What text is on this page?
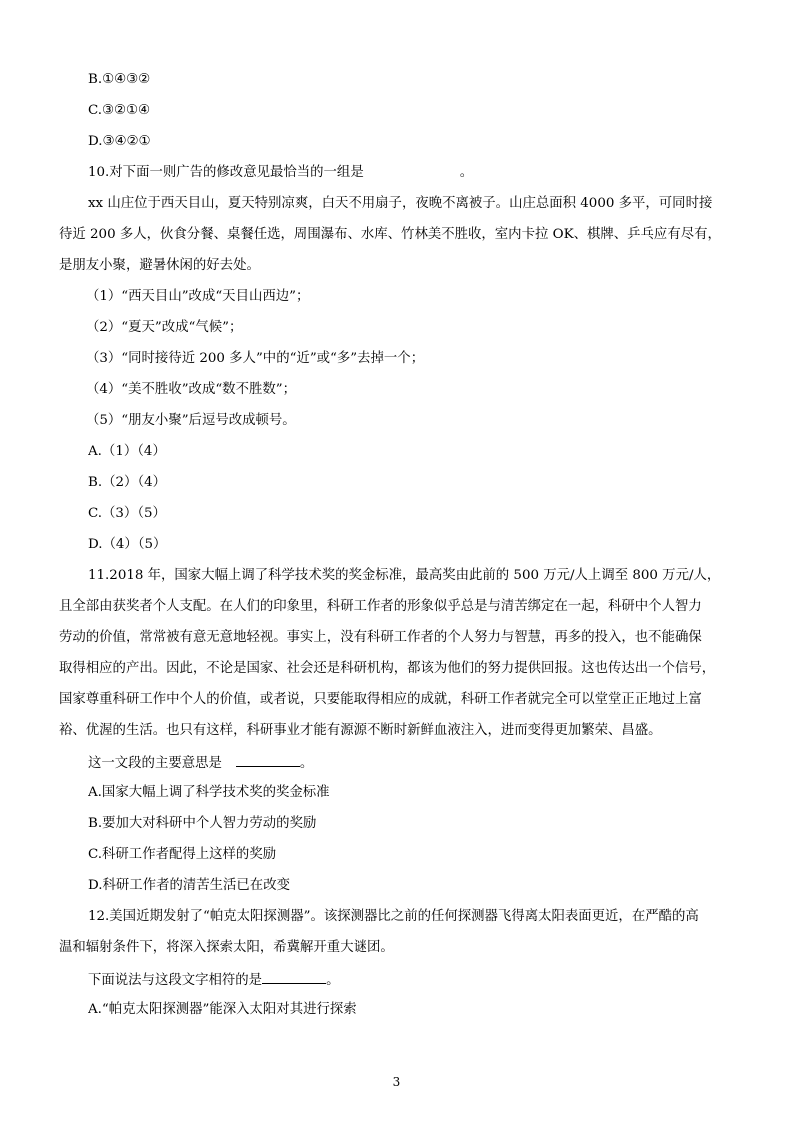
B.①④③②
C.③②①④
D.③④②①
10.对下面一则广告的修改意见最恰当的一组是	。
xx 山庄位于西天目山，夏天特别凉爽，白天不用扇子，夜晚不离被子。山庄总面积 4000 多平，可同时接
待近 200 多人，伙食分餐、桌餐任选，周围瀑布、水库、竹林美不胜收，室内卡拉 OK、棋牌、乒乓应有尽有，
是朋友小聚，避暑休闲的好去处。
（1）“西天目山”改成“天目山西边”；
（2）“夏天”改成“气候”；
（3）“同时接待近 200 多人”中的“近”或“多”去掉一个；
（4）“美不胜收”改成“数不胜数”；
（5）“朋友小聚”后逗号改成顿号。
A.（1）（4）
B.（2）（4）
C.（3）（5）
D.（4）（5）
11.2018 年，国家大幅上调了科学技术奖的奖金标准，最高奖由此前的 500 万元/人上调至 800 万元/人，
且全部由获奖者个人支配。在人们的印象里，科研工作者的形象似乎总是与清苦绑定在一起，科研中个人智力
劳动的价值，常常被有意无意地轻视。事实上，没有科研工作者的个人努力与智慧，再多的投入，也不能确保
取得相应的产出。因此，不论是国家、社会还是科研机构，都该为他们的努力提供回报。这也传达出一个信号，
国家尊重科研工作中个人的价值，或者说，只要能取得相应的成就，科研工作者就完全可以堂堂正正地过上富
裕、优渥的生活。也只有这样，科研事业才能有源源不断时新鲜血液注入，进而变得更加繁荣、昌盛。
这一文段的主要意思是	。
A.国家大幅上调了科学技术奖的奖金标准
B.要加大对科研中个人智力劳动的奖励
C.科研工作者配得上这样的奖励
D.科研工作者的清苦生活已在改变
12.美国近期发射了“帕克太阳探测器”。该探测器比之前的任何探测器飞得离太阳表面更近，在严酷的高
温和辐射条件下，将深入探索太阳，希冀解开重大谜团。
下面说法与这段文字相符的是	。
A.“帕克太阳探测器”能深入太阳对其进行探索
3
